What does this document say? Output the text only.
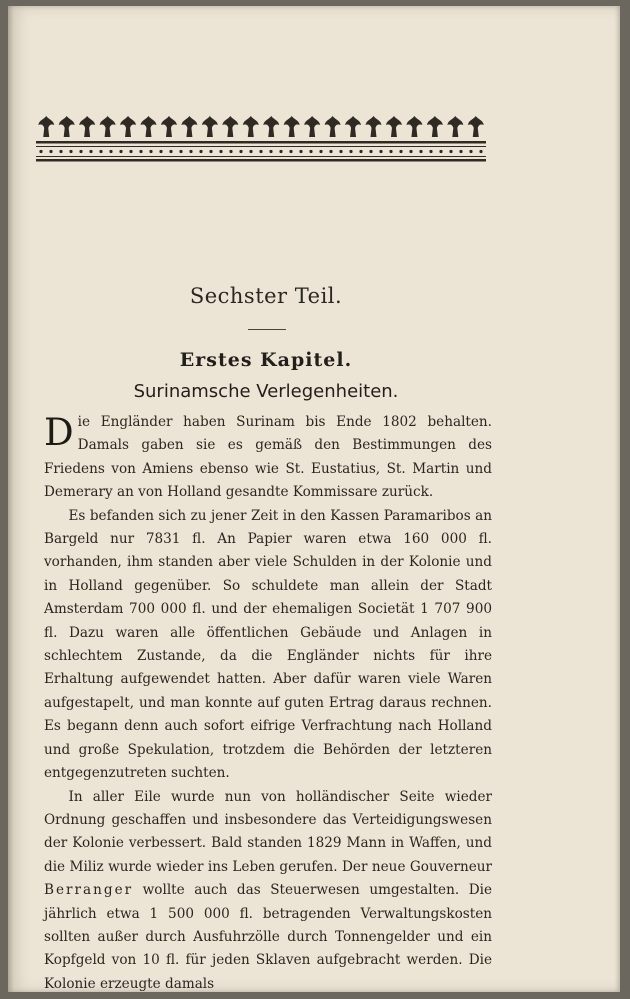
Sechster Teil.
Erstes Kapitel.
Surinamsche Verlegenheiten.

Die Engländer haben Surinam bis Ende 1802 behalten. Damals gaben sie es gemäß den Bestimmungen des Friedens von Amiens ebenso wie St. Eustatius, St. Martin und Demerary an von Holland gesandte Kommissare zurück.

Es befanden sich zu jener Zeit in den Kassen Paramaribos an Bargeld nur 7831 fl. An Papier waren etwa 160 000 fl. vorhanden, ihm standen aber viele Schulden in der Kolonie und in Holland gegenüber. So schuldete man allein der Stadt Amsterdam 700 000 fl. und der ehemaligen Societät 1 707 900 fl. Dazu waren alle öffentlichen Gebäude und Anlagen in schlechtem Zustande, da die Engländer nichts für ihre Erhaltung aufgewendet hatten. Aber dafür waren viele Waren aufgestapelt, und man konnte auf guten Ertrag daraus rechnen. Es begann denn auch sofort eifrige Verfrachtung nach Holland und große Spekulation, trotzdem die Behörden der letzteren entgegenzutreten suchten.

In aller Eile wurde nun von holländischer Seite wieder Ordnung geschaffen und insbesondere das Verteidigungswesen der Kolonie verbessert. Bald standen 1829 Mann in Waffen, und die Miliz wurde wieder ins Leben gerufen. Der neue Gouverneur Berranger wollte auch das Steuerwesen umgestalten. Die jährlich etwa 1 500 000 fl. betragenden Verwaltungskosten sollten außer durch Ausfuhrzölle durch Tonnengelder und ein Kopfgeld von 10 fl. für jeden Sklaven aufgebracht werden. Die Kolonie erzeugte damals
